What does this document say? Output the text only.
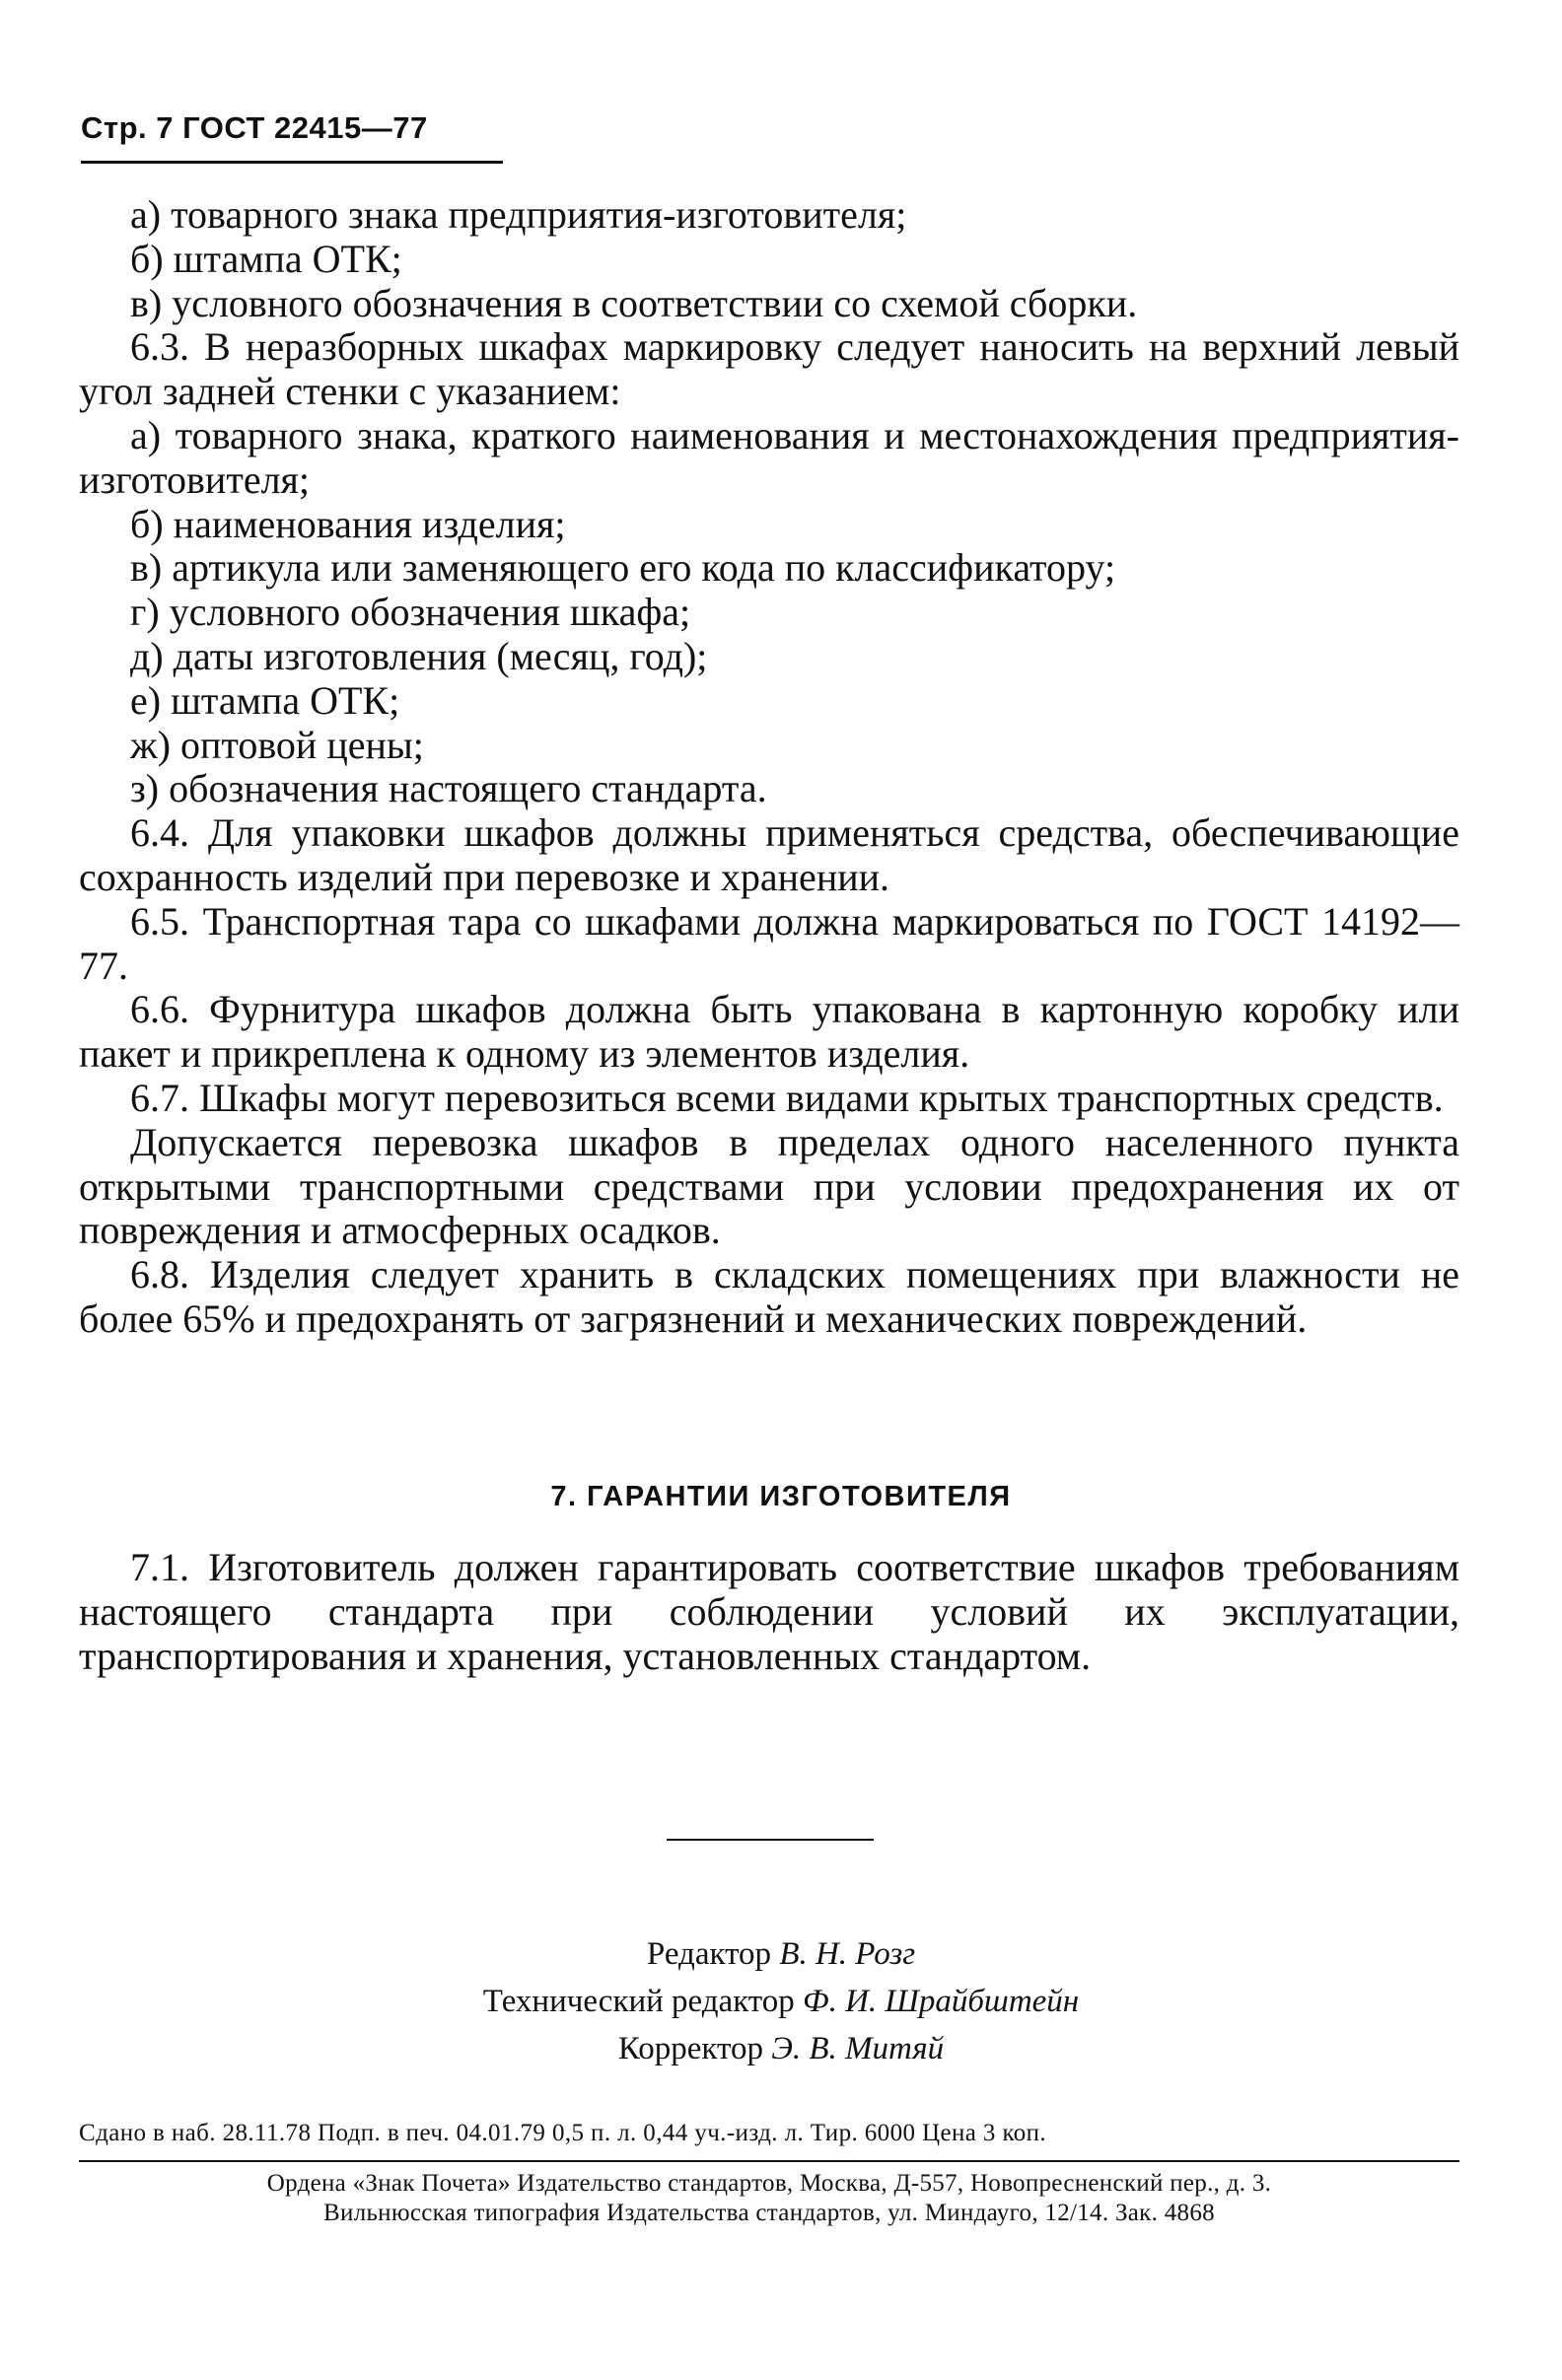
Стр. 7 ГОСТ 22415—77

а) товарного знака предприятия-изготовителя;

б) штампа ОТК;

в) условного обозначения в соответствии со схемой сборки.

6.3. В неразборных шкафах маркировку следует наносить на верхний левый угол задней стенки с указанием:

а) товарного знака, краткого наименования и местонахождения предприятия-изготовителя;

б) наименования изделия;

в) артикула или заменяющего его кода по классификатору;

г) условного обозначения шкафа;

д) даты изготовления (месяц, год);

е) штампа ОТК;

ж) оптовой цены;

з) обозначения настоящего стандарта.

6.4. Для упаковки шкафов должны применяться средства, обеспечивающие сохранность изделий при перевозке и хранении.

6.5. Транспортная тара со шкафами должна маркироваться по ГОСТ 14192—77.

6.6. Фурнитура шкафов должна быть упакована в картонную коробку или пакет и прикреплена к одному из элементов изделия.

6.7. Шкафы могут перевозиться всеми видами крытых транспортных средств.

Допускается перевозка шкафов в пределах одного населенного пункта открытыми транспортными средствами при условии предохранения их от повреждения и атмосферных осадков.

6.8. Изделия следует хранить в складских помещениях при влажности не более 65% и предохранять от загрязнений и механических повреждений.

7. ГАРАНТИИ ИЗГОТОВИТЕЛЯ

7.1. Изготовитель должен гарантировать соответствие шкафов требованиям настоящего стандарта при соблюдении условий их эксплуатации, транспортирования и хранения, установленных стандартом.

Редактор В. Н. Розг
Технический редактор Ф. И. Шрайбштейн
Корректор Э. В. Митяй
Сдано в наб. 28.11.78 Подп. в печ. 04.01.79 0,5 п. л. 0,44 уч.-изд. л. Тир. 6000 Цена 3 коп.
Ордена «Знак Почета» Издательство стандартов, Москва, Д-557, Новопресненский пер., д. 3.
Вильнюсская типография Издательства стандартов, ул. Миндауго, 12/14. Зак. 4868
